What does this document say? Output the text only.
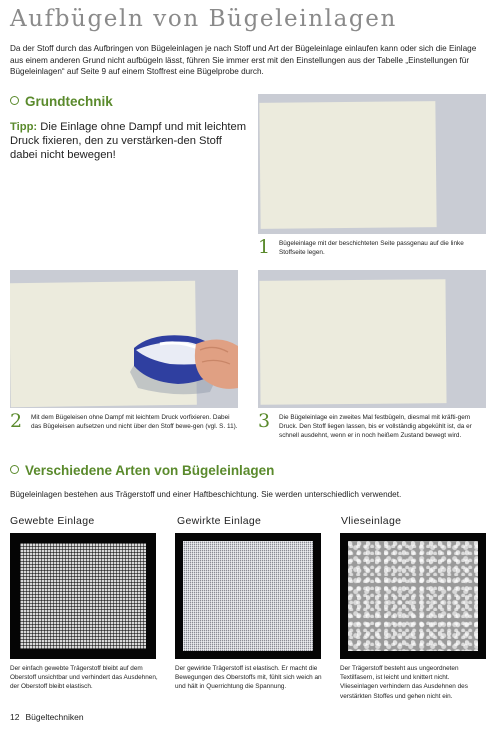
Aufbügeln von Bügeleinlagen
Da der Stoff durch das Aufbringen von Bügeleinlagen je nach Stoff und Art der Bügeleinlage einlaufen kann oder sich die Einlage aus einem anderen Grund nicht aufbügeln lässt, führen Sie immer erst mit den Einstellungen aus der Tabelle „Einstellungen für Bügeleinlagen“ auf Seite 9 auf einem Stoffrest eine Bügelprobe durch.
Grundtechnik
Tipp: Die Einlage ohne Dampf und mit leichtem Druck fixieren, den zu verstärken-den Stoff dabei nicht bewegen!
1 Bügeleinlage mit der beschichteten Seite passgenau auf die linke Stoffseite legen.
2 Mit dem Bügeleisen ohne Dampf mit leichtem Druck vorfixieren. Dabei das Bügeleisen aufsetzen und nicht über den Stoff bewe-gen (vgl. S. 11). 3 Die Bügeleinlage ein zweites Mal festbügeln, diesmal mit kräfti-gem Druck. Den Stoff liegen lassen, bis er vollständig abgekühlt ist, da er schnell ausdehnt, wenn er in noch heißem Zustand bewegt wird.
Verschiedene Arten von Bügeleinlagen
Bügeleinlagen bestehen aus Trägerstoff und einer Haftbeschichtung. Sie werden unterschiedlich verwendet.
Gewebte Einlage	Gewirkte Einlage	Vlieseinlage
Der einfach gewebte Trägerstoff bleibt auf dem Oberstoff unsichtbar und verhindert das Ausdehnen, der Oberstoff bleibt elastisch.
Der gewirkte Trägerstoff ist elastisch. Er macht die Bewegungen des Oberstoffs mit, fühlt sich weich an und hält in Querrichtung die Spannung.
Der Trägerstoff besteht aus ungeordneten Textilfasern, ist leicht und knittert nicht. Vlieseinlagen verhindern das Ausdehnen des verstärkten Stoffes und gehen nicht ein.
12 Bügeltechniken
